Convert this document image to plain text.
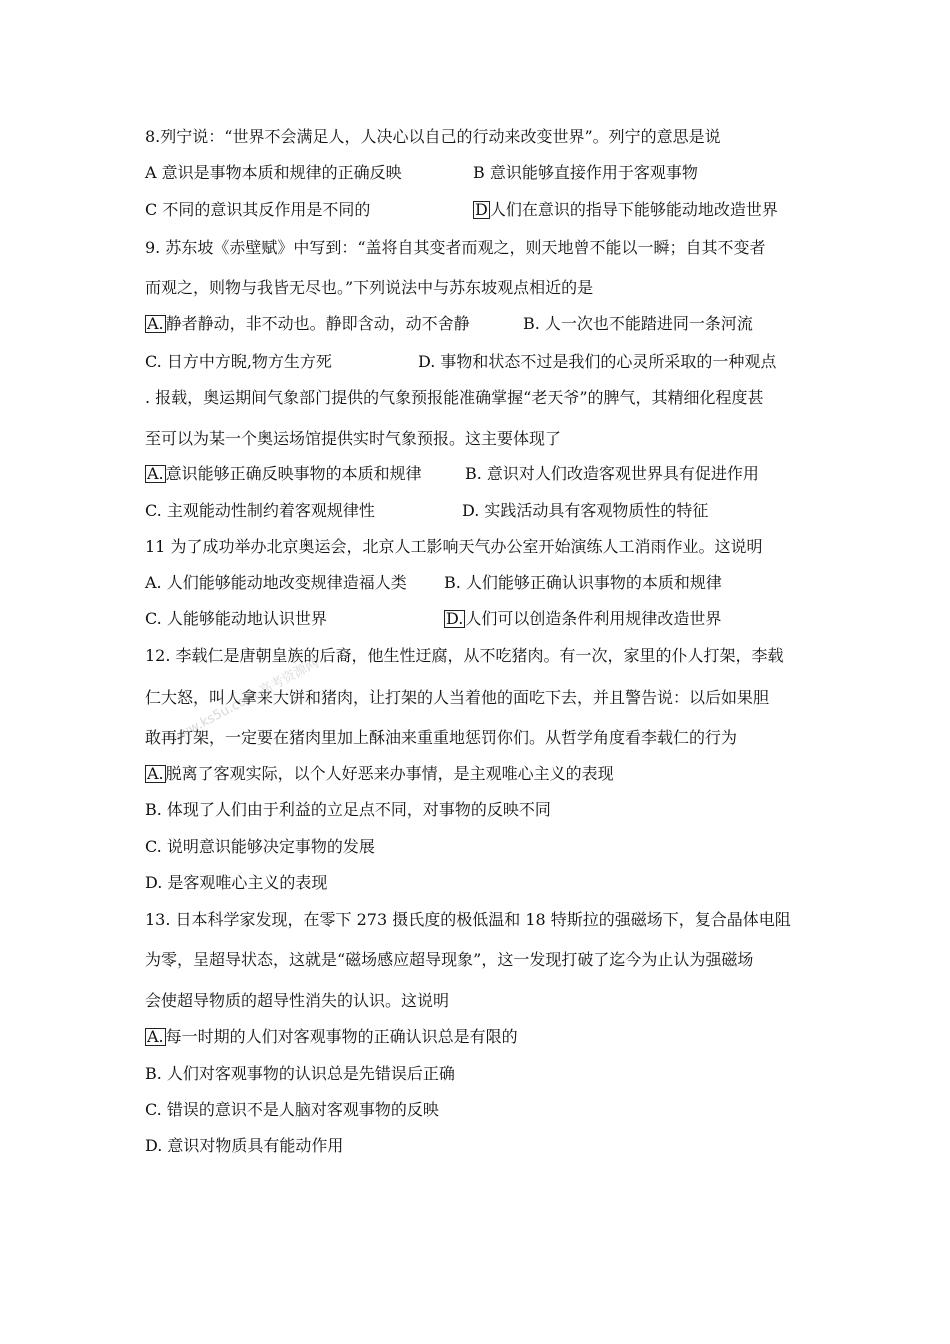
www.ks5u.com 高考资源网
8.列宁说：“世界不会满足人，人决心以自己的行动来改变世界”。列宁的意思是说
A 意识是事物本质和规律的正确反映	B 意识能够直接作用于客观事物
C 不同的意识其反作用是不同的	D 人们在意识的指导下能够能动地改造世界
9. 苏东坡《赤壁赋》中写到：“盖将自其变者而观之，则天地曾不能以一瞬；自其不变者
而观之，则物与我皆无尽也。”下列说法中与苏东坡观点相近的是
A. 静者静动，非不动也。静即含动，动不舍静	B. 人一次也不能踏进同一条河流
C. 日方中方睨,物方生方死	D. 事物和状态不过是我们的心灵所采取的一种观点
. 报载，奥运期间气象部门提供的气象预报能准确掌握“老天爷”的脾气，其精细化程度甚
至可以为某一个奥运场馆提供实时气象预报。这主要体现了
A. 意识能够正确反映事物的本质和规律	B. 意识对人们改造客观世界具有促进作用
C. 主观能动性制约着客观规律性	D. 实践活动具有客观物质性的特征
11 为了成功举办北京奥运会，北京人工影响天气办公室开始演练人工消雨作业。这说明
A. 人们能够能动地改变规律造福人类 B. 人们能够正确认识事物的本质和规律
C. 人能够能动地认识世界	D. 人们可以创造条件利用规律改造世界
12. 李载仁是唐朝皇族的后裔，他生性迂腐，从不吃猪肉。有一次，家里的仆人打架，李载
仁大怒，叫人拿来大饼和猪肉，让打架的人当着他的面吃下去，并且警告说：以后如果胆
敢再打架，一定要在猪肉里加上酥油来重重地惩罚你们。从哲学角度看李载仁的行为
A. 脱离了客观实际，以个人好恶来办事情，是主观唯心主义的表现
B. 体现了人们由于利益的立足点不同，对事物的反映不同
C. 说明意识能够决定事物的发展
D. 是客观唯心主义的表现
13. 日本科学家发现，在零下 273 摄氏度的极低温和 18 特斯拉的强磁场下，复合晶体电阻
为零，呈超导状态，这就是“磁场感应超导现象”，这一发现打破了迄今为止认为强磁场
会使超导物质的超导性消失的认识。这说明
A. 每一时期的人们对客观事物的正确认识总是有限的
B. 人们对客观事物的认识总是先错误后正确
C. 错误的意识不是人脑对客观事物的反映
D. 意识对物质具有能动作用
